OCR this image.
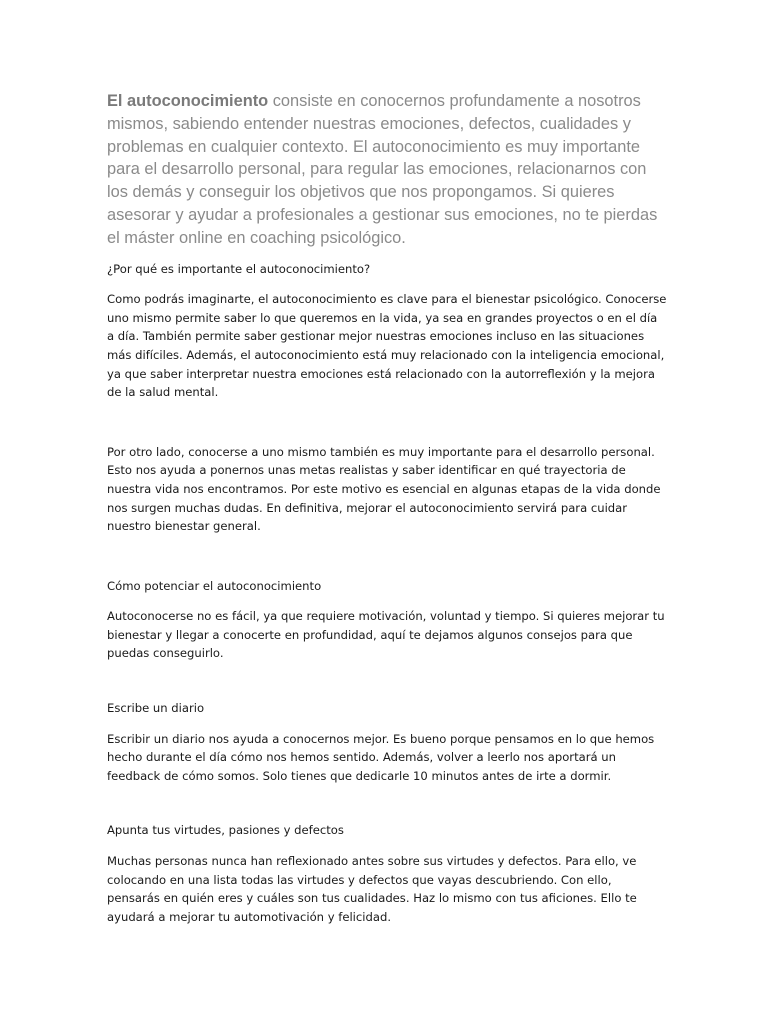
El autoconocimiento consiste en conocernos profundamente a nosotros mismos, sabiendo entender nuestras emociones, defectos, cualidades y problemas en cualquier contexto. El autoconocimiento es muy importante para el desarrollo personal, para regular las emociones, relacionarnos con los demás y conseguir los objetivos que nos propongamos. Si quieres asesorar y ayudar a profesionales a gestionar sus emociones, no te pierdas el máster online en coaching psicológico.

¿Por qué es importante el autoconocimiento?

Como podrás imaginarte, el autoconocimiento es clave para el bienestar psicológico. Conocerse uno mismo permite saber lo que queremos en la vida, ya sea en grandes proyectos o en el día a día. También permite saber gestionar mejor nuestras emociones incluso en las situaciones más difíciles. Además, el autoconocimiento está muy relacionado con la inteligencia emocional, ya que saber interpretar nuestra emociones está relacionado con la autorreflexión y la mejora de la salud mental.

Por otro lado, conocerse a uno mismo también es muy importante para el desarrollo personal. Esto nos ayuda a ponernos unas metas realistas y saber identificar en qué trayectoria de nuestra vida nos encontramos. Por este motivo es esencial en algunas etapas de la vida donde nos surgen muchas dudas. En definitiva, mejorar el autoconocimiento servirá para cuidar nuestro bienestar general.

Cómo potenciar el autoconocimiento

Autoconocerse no es fácil, ya que requiere motivación, voluntad y tiempo. Si quieres mejorar tu bienestar y llegar a conocerte en profundidad, aquí te dejamos algunos consejos para que puedas conseguirlo.

Escribe un diario

Escribir un diario nos ayuda a conocernos mejor. Es bueno porque pensamos en lo que hemos hecho durante el día cómo nos hemos sentido. Además, volver a leerlo nos aportará un feedback de cómo somos. Solo tienes que dedicarle 10 minutos antes de irte a dormir.

Apunta tus virtudes, pasiones y defectos

Muchas personas nunca han reflexionado antes sobre sus virtudes y defectos. Para ello, ve colocando en una lista todas las virtudes y defectos que vayas descubriendo. Con ello, pensarás en quién eres y cuáles son tus cualidades. Haz lo mismo con tus aficiones. Ello te ayudará a mejorar tu automotivación y felicidad.
